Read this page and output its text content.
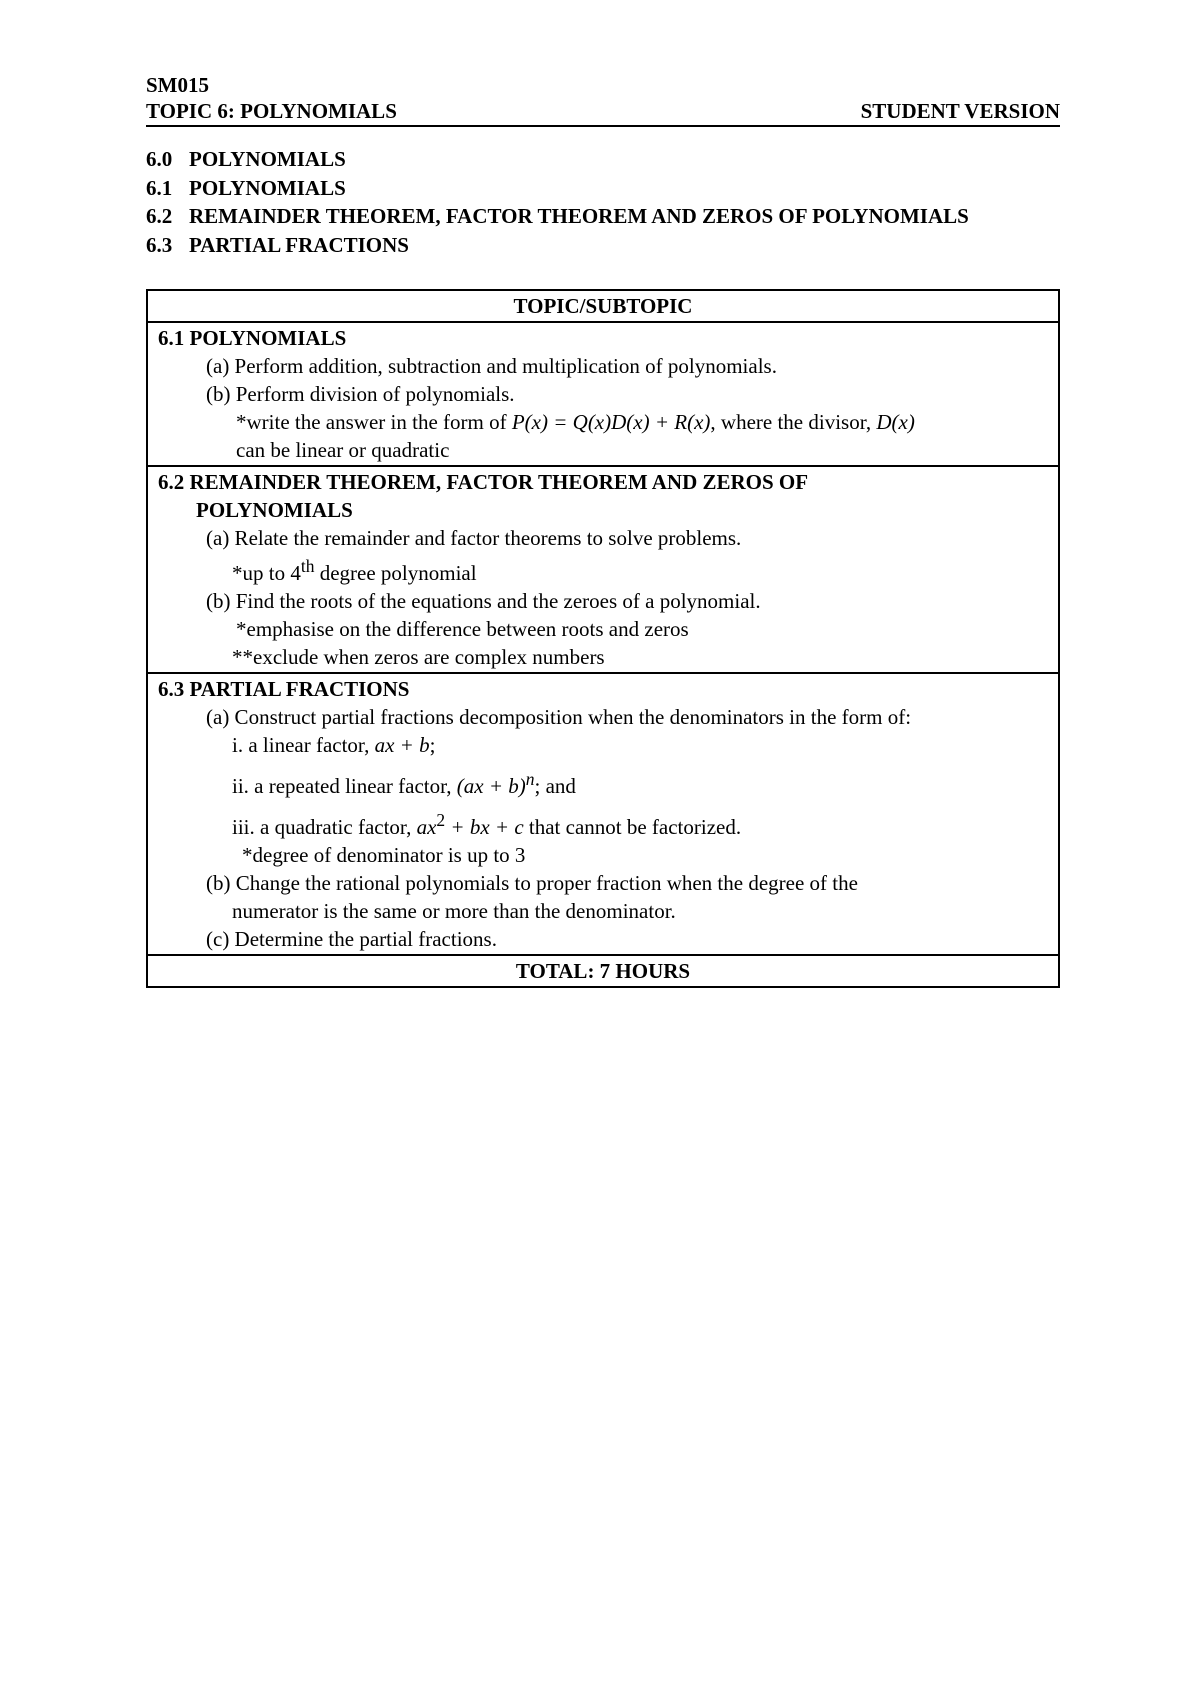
SM015
TOPIC 6: POLYNOMIALS	STUDENT VERSION
6.0 POLYNOMIALS
6.1 POLYNOMIALS
6.2 REMAINDER THEOREM, FACTOR THEOREM AND ZEROS OF POLYNOMIALS
6.3 PARTIAL FRACTIONS
TOPIC/SUBTOPIC

6.1 POLYNOMIALS
(a) Perform addition, subtraction and multiplication of polynomials.
(b) Perform division of polynomials.
*write the answer in the form of P(x) = Q(x)D(x) + R(x), where the divisor, D(x)
can be linear or quadratic

6.2 REMAINDER THEOREM, FACTOR THEOREM AND ZEROS OF
POLYNOMIALS
(a) Relate the remainder and factor theorems to solve problems.
*up to 4th degree polynomial
(b) Find the roots of the equations and the zeroes of a polynomial.
*emphasise on the difference between roots and zeros
**exclude when zeros are complex numbers

6.3 PARTIAL FRACTIONS
(a) Construct partial fractions decomposition when the denominators in the form of:
i. a linear factor, ax + b;
ii. a repeated linear factor, (ax + b)$^n$; and
iii. a quadratic factor, $ax^2$ + bx + c that cannot be factorized.
*degree of denominator is up to 3
(b) Change the rational polynomials to proper fraction when the degree of the
numerator is the same or more than the denominator.
(c) Determine the partial fractions.

TOTAL: 7 HOURS
